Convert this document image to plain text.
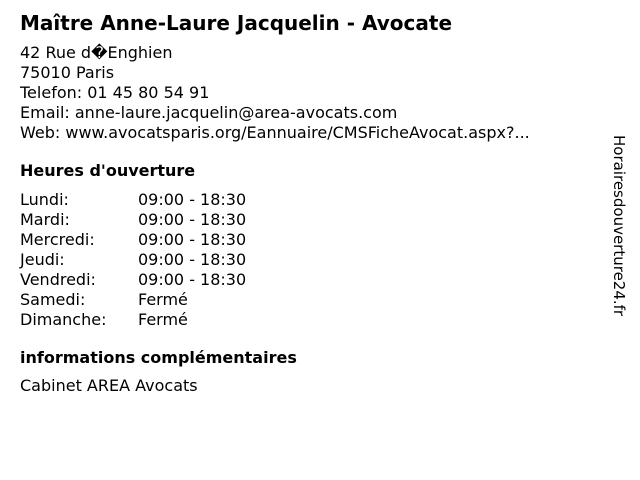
Maître Anne-Laure Jacquelin - Avocate
42 Rue d�Enghien
75010 Paris
Telefon: 01 45 80 54 91
Email: anne-laure.jacquelin@area-avocats.com
Web: www.avocatsparis.org/Eannuaire/CMSFicheAvocat.aspx?...
Heures d'ouverture
Lundi:	09:00 - 18:30
Mardi:	09:00 - 18:30
Mercredi:	09:00 - 18:30
Jeudi:	09:00 - 18:30
Vendredi:	09:00 - 18:30
Samedi:	Fermé
Dimanche:	Fermé
informations complémentaires
Cabinet AREA Avocats
Horairesdouverture24.fr
